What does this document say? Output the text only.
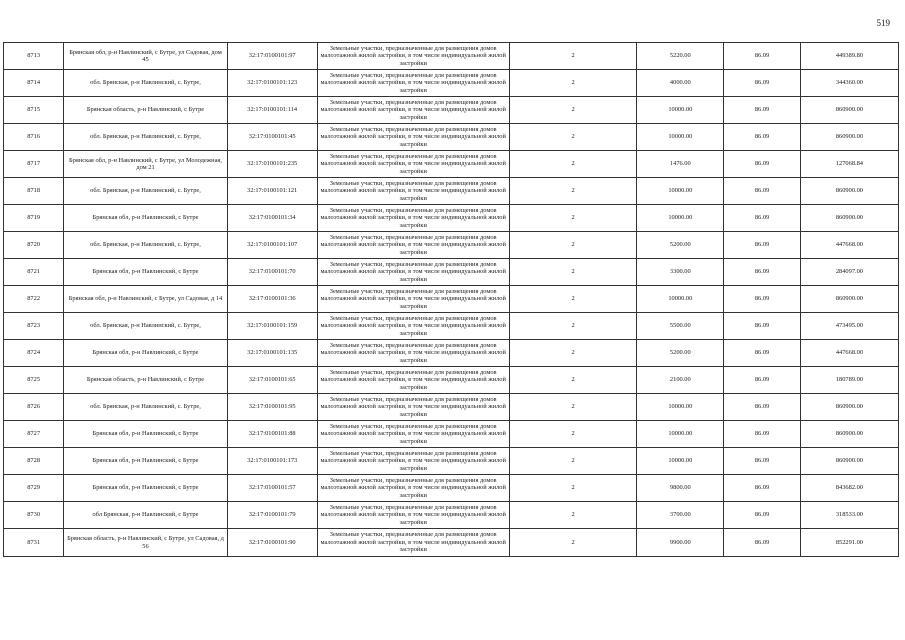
519
8713	Брянская обл, р-н Навлинский, с Бутре, ул Садовая, дом 45	32:17:0100101:97	Земельные участки, предназначенные для размещения домов малоэтажной жилой застройки, в том числе индивидуальной жилой застройки	2	5220.00	86.09	449389.80
8714	обл. Брянская, р-н Навлинский, с. Бутре,	32:17:0100101:123	Земельные участки, предназначенные для размещения домов малоэтажной жилой застройки, в том числе индивидуальной жилой застройки	2	4000.00	86.09	344360.00
8715	Брянская область, р-н Навлинский, с Бутре	32:17:0100101:114	Земельные участки, предназначенные для размещения домов малоэтажной жилой застройки, в том числе индивидуальной жилой застройки	2	10000.00	86.09	860900.00
8716	обл. Брянская, р-н Навлинский, с. Бутре,	32:17:0100101:45	Земельные участки, предназначенные для размещения домов малоэтажной жилой застройки, в том числе индивидуальной жилой застройки	2	10000.00	86.09	860900.00
8717	Брянская обл, р-н Навлинский, с Бутре, ул Молодежная, дом 21	32:17:0100101:235	Земельные участки, предназначенные для размещения домов малоэтажной жилой застройки, в том числе индивидуальной жилой застройки	2	1476.00	86.09	127068.84
8718	обл. Брянская, р-н Навлинский, с. Бутре,	32:17:0100101:121	Земельные участки, предназначенные для размещения домов малоэтажной жилой застройки, в том числе индивидуальной жилой застройки	2	10000.00	86.09	860900.00
8719	Брянская обл, р-н Навлинский, с Бутре	32:17:0100101:34	Земельные участки, предназначенные для размещения домов малоэтажной жилой застройки, в том числе индивидуальной жилой застройки	2	10000.00	86.09	860900.00
8720	обл. Брянская, р-н Навлинский, с. Бутре,	32:17:0100101:107	Земельные участки, предназначенные для размещения домов малоэтажной жилой застройки, в том числе индивидуальной жилой застройки	2	5200.00	86.09	447668.00
8721	Брянская обл, р-н Навлинский, с Бутре	32:17:0100101:70	Земельные участки, предназначенные для размещения домов малоэтажной жилой застройки, в том числе индивидуальной жилой застройки	2	3300.00	86.09	284097.00
8722	Брянская обл, р-н Навлинский, с Бутре, ул Садовая, д 14	32:17:0100101:36	Земельные участки, предназначенные для размещения домов малоэтажной жилой застройки, в том числе индивидуальной жилой застройки	2	10000.00	86.09	860900.00
8723	обл. Брянская, р-н Навлинский, с. Бутре,	32:17:0100101:159	Земельные участки, предназначенные для размещения домов малоэтажной жилой застройки, в том числе индивидуальной жилой застройки	2	5500.00	86.09	473495.00
8724	Брянская обл, р-н Навлинский, с Бутре	32:17:0100101:135	Земельные участки, предназначенные для размещения домов малоэтажной жилой застройки, в том числе индивидуальной жилой застройки	2	5200.00	86.09	447668.00
8725	Брянская область, р-н Навлинский, с Бутре	32:17:0100101:65	Земельные участки, предназначенные для размещения домов малоэтажной жилой застройки, в том числе индивидуальной жилой застройки	2	2100.00	86.09	180789.00
8726	обл. Брянская, р-н Навлинский, с. Бутре,	32:17:0100101:95	Земельные участки, предназначенные для размещения домов малоэтажной жилой застройки, в том числе индивидуальной жилой застройки	2	10000.00	86.09	860900.00
8727	Брянская обл, р-н Навлинский, с Бутре	32:17:0100101:88	Земельные участки, предназначенные для размещения домов малоэтажной жилой застройки, в том числе индивидуальной жилой застройки	2	10000.00	86.09	860900.00
8728	Брянская обл, р-н Навлинский, с Бутре	32:17:0100101:173	Земельные участки, предназначенные для размещения домов малоэтажной жилой застройки, в том числе индивидуальной жилой застройки	2	10000.00	86.09	860900.00
8729	Брянская обл, р-н Навлинский, с Бутре	32:17:0100101:57	Земельные участки, предназначенные для размещения домов малоэтажной жилой застройки, в том числе индивидуальной жилой застройки	2	9800.00	86.09	843682.00
8730	обл Брянская, р-н Навлинский, с Бутре	32:17:0100101:79	Земельные участки, предназначенные для размещения домов малоэтажной жилой застройки, в том числе индивидуальной жилой застройки	2	3700.00	86.09	318533.00
8731	Брянская область, р-н Навлинский, с Бутре, ул Садовая, д 56	32:17:0100101:90	Земельные участки, предназначенные для размещения домов малоэтажной жилой застройки, в том числе индивидуальной жилой застройки	2	9900.00	86.09	852291.00
